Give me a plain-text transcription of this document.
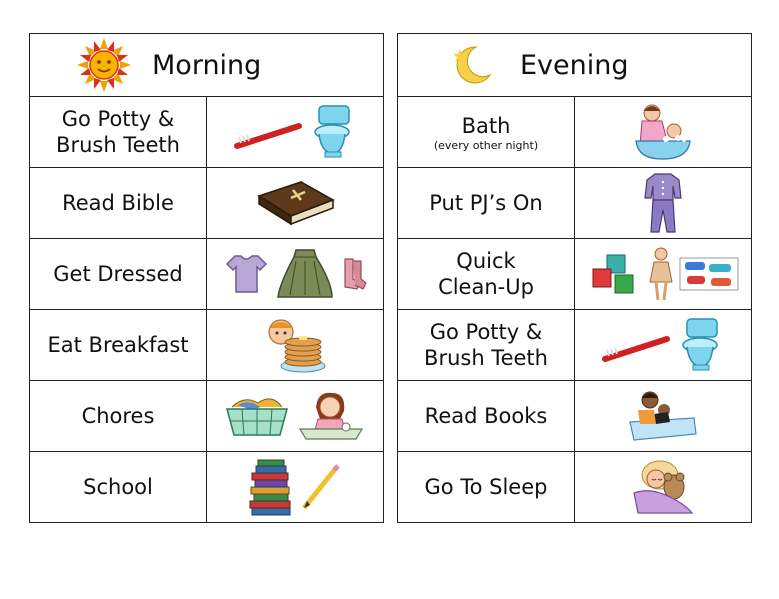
Morning	

Go Potty &
Brush Teeth	
Read Bible	
Get Dressed	
Eat Breakfast	
Chores	
School	
Evening	

Bath
(every other night)

Put PJ’s On	
Quick
Clean-Up	
Go Potty &
Brush Teeth	
Read Books	
Go To Sleep	
